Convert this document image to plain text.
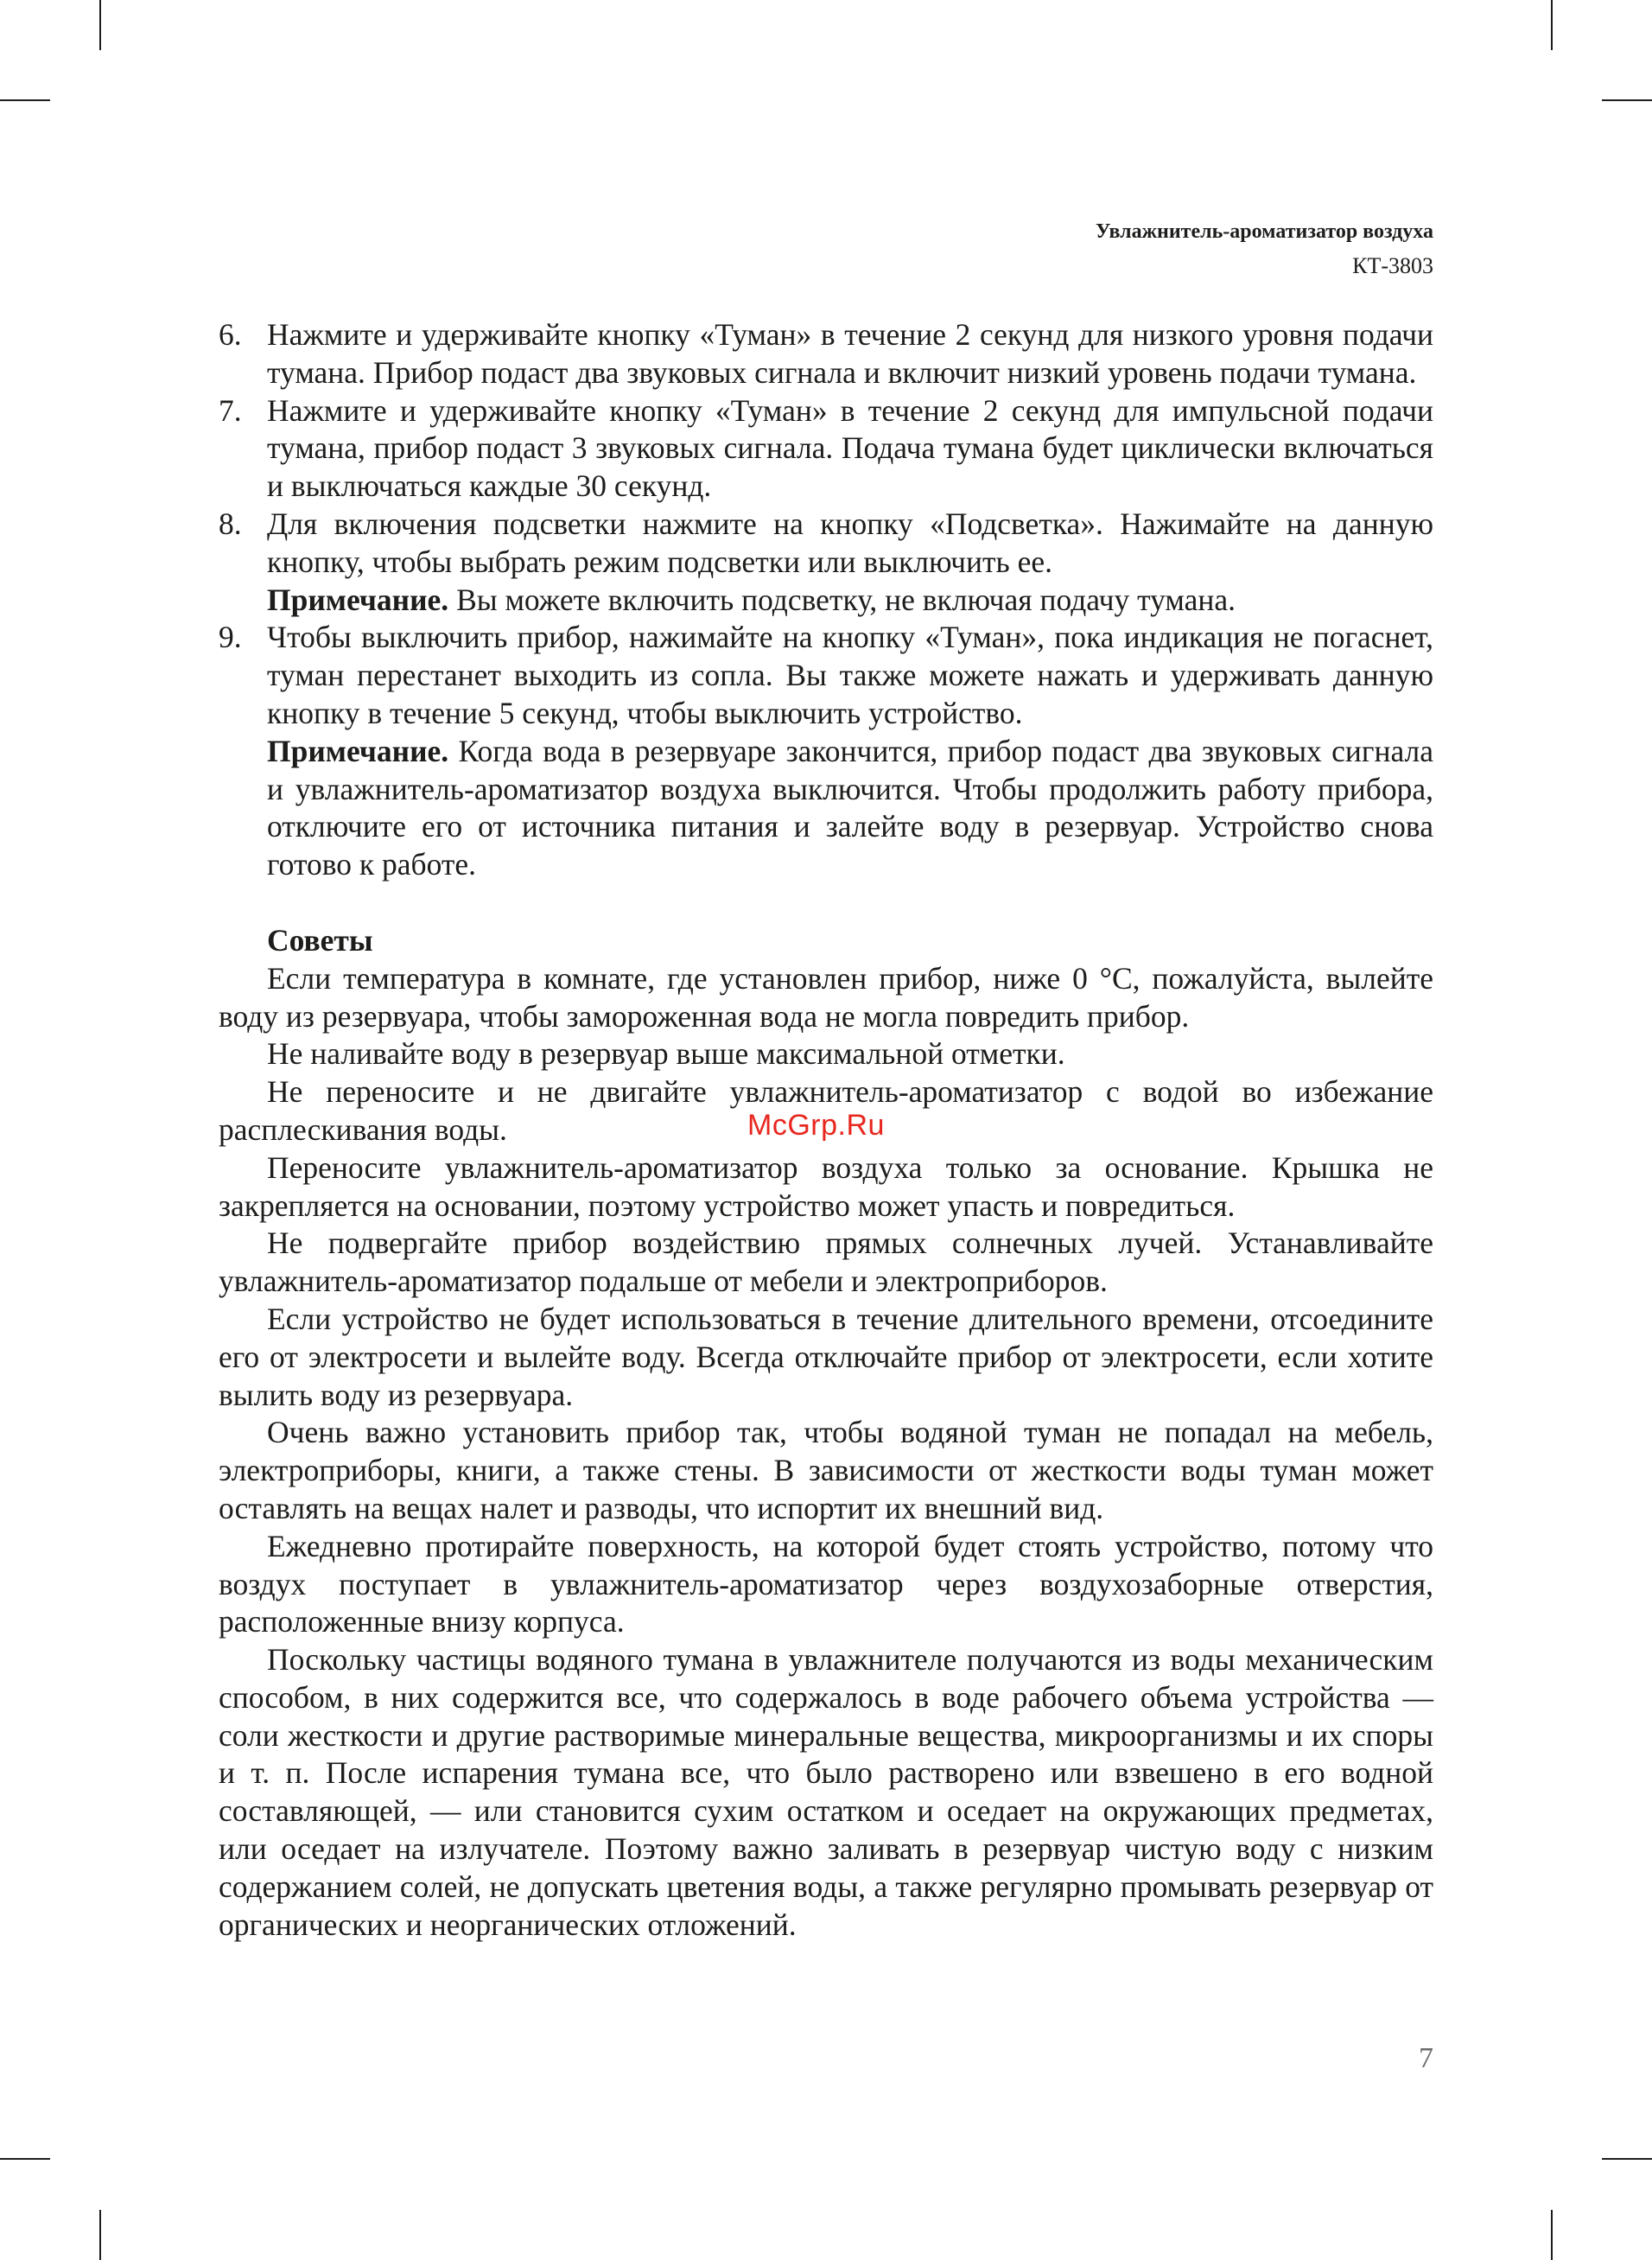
Увлажнитель-ароматизатор воздуха
КТ-3803
6. Нажмите и удерживайте кнопку «Туман» в течение 2 секунд для низкого уровня подачи тумана. Прибор подаст два звуковых сигнала и включит низкий уровень подачи тумана.

7. Нажмите и удерживайте кнопку «Туман» в течение 2 секунд для импульсной подачи тумана, прибор подаст 3 звуковых сигнала. Подача тумана будет циклически включаться и выключаться каждые 30 секунд.

8. Для включения подсветки нажмите на кнопку «Подсветка». Нажимайте на данную кнопку, чтобы выбрать режим подсветки или выключить ее.

Примечание. Вы можете включить подсветку, не включая подачу тумана.

9. Чтобы выключить прибор, нажимайте на кнопку «Туман», пока индикация не погаснет, туман перестанет выходить из сопла. Вы также можете нажать и удерживать данную кнопку в течение 5 секунд, чтобы выключить устройство.

Примечание. Когда вода в резервуаре закончится, прибор подаст два звуковых сигнала и увлажнитель-ароматизатор воздуха выключится. Чтобы продолжить работу прибора, отключите его от источника питания и залейте воду в резервуар. Устройство снова готово к работе.

Советы

Если температура в комнате, где установлен прибор, ниже 0 °С, пожалуйста, вылейте воду из резервуара, чтобы замороженная вода не могла повредить прибор.

Не наливайте воду в резервуар выше максимальной отметки.

Не переносите и не двигайте увлажнитель-ароматизатор с водой во избежание расплескивания воды.

Переносите увлажнитель-ароматизатор воздуха только за основание. Крышка не закрепляется на основании, поэтому устройство может упасть и повредиться.

Не подвергайте прибор воздействию прямых солнечных лучей. Устанавливайте увлажнитель-ароматизатор подальше от мебели и электроприборов.

Если устройство не будет использоваться в течение длительного времени, отсоедините его от электросети и вылейте воду. Всегда отключайте прибор от электросети, если хотите вылить воду из резервуара.

Очень важно установить прибор так, чтобы водяной туман не попадал на мебель, электроприборы, книги, а также стены. В зависимости от жесткости воды туман может оставлять на вещах налет и разводы, что испортит их внешний вид.

Ежедневно протирайте поверхность, на которой будет стоять устройство, потому что воздух поступает в увлажнитель-ароматизатор через воздухозаборные отверстия, расположенные внизу корпуса.

Поскольку частицы водяного тумана в увлажнителе получаются из воды механическим способом, в них содержится все, что содержалось в воде рабочего объема устройства — соли жесткости и другие растворимые минеральные вещества, микроорганизмы и их споры и т. п. После испарения тумана все, что было растворено или взвешено в его водной составляющей, — или становится сухим остатком и оседает на окружающих предметах, или оседает на излучателе. Поэтому важно заливать в резервуар чистую воду с низким содержанием солей, не допускать цветения воды, а также регулярно промывать резервуар от органических и неорганических отложений.

McGrp.Ru
7
